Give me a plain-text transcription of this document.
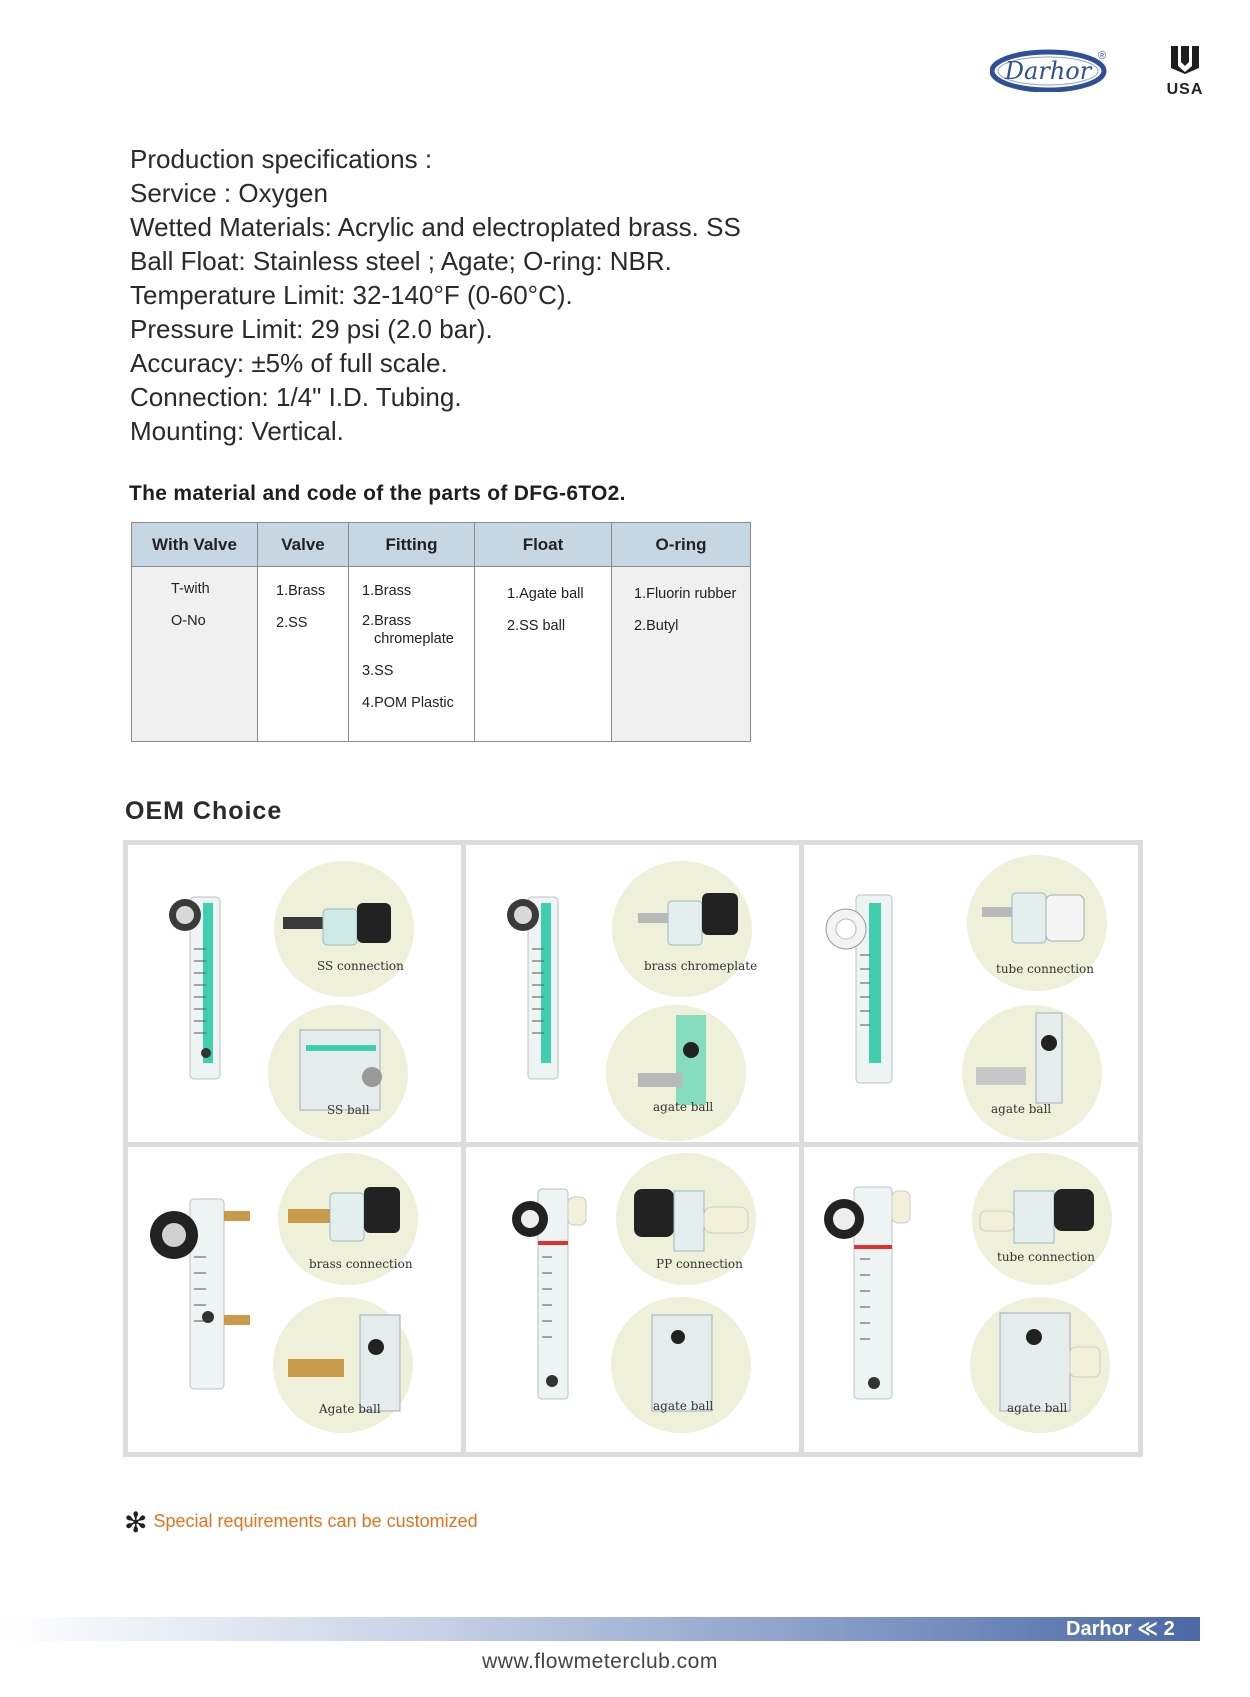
Darhor
®
USA
Production specifications :
Service : Oxygen
Wetted Materials: Acrylic and electroplated brass. SS
Ball Float: Stainless steel ; Agate; O-ring: NBR.
Temperature Limit: 32-140°F (0-60°C).
Pressure Limit: 29 psi (2.0 bar).
Accuracy: ±5% of full scale.
Connection: 1/4" I.D. Tubing.
Mounting: Vertical.
The material and code of the parts of DFG-6TO2.
With Valve
T-with
O-No
Valve
1.Brass
2.SS
Fitting
1.Brass
2.Brass
chromeplate
3.SS
4.POM Plastic
Float
1.Agate ball
2.SS ball
O-ring
1.Fluorin rubber
2.Butyl
OEM Choice
SS connection
SS ball
brass chromeplate
agate ball
tube connection
agate ball
brass connection
Agate ball
PP connection
agate ball
tube connection
agate ball
✻ Special requirements can be customized
Darhor ≪ 2
www.flowmeterclub.com
